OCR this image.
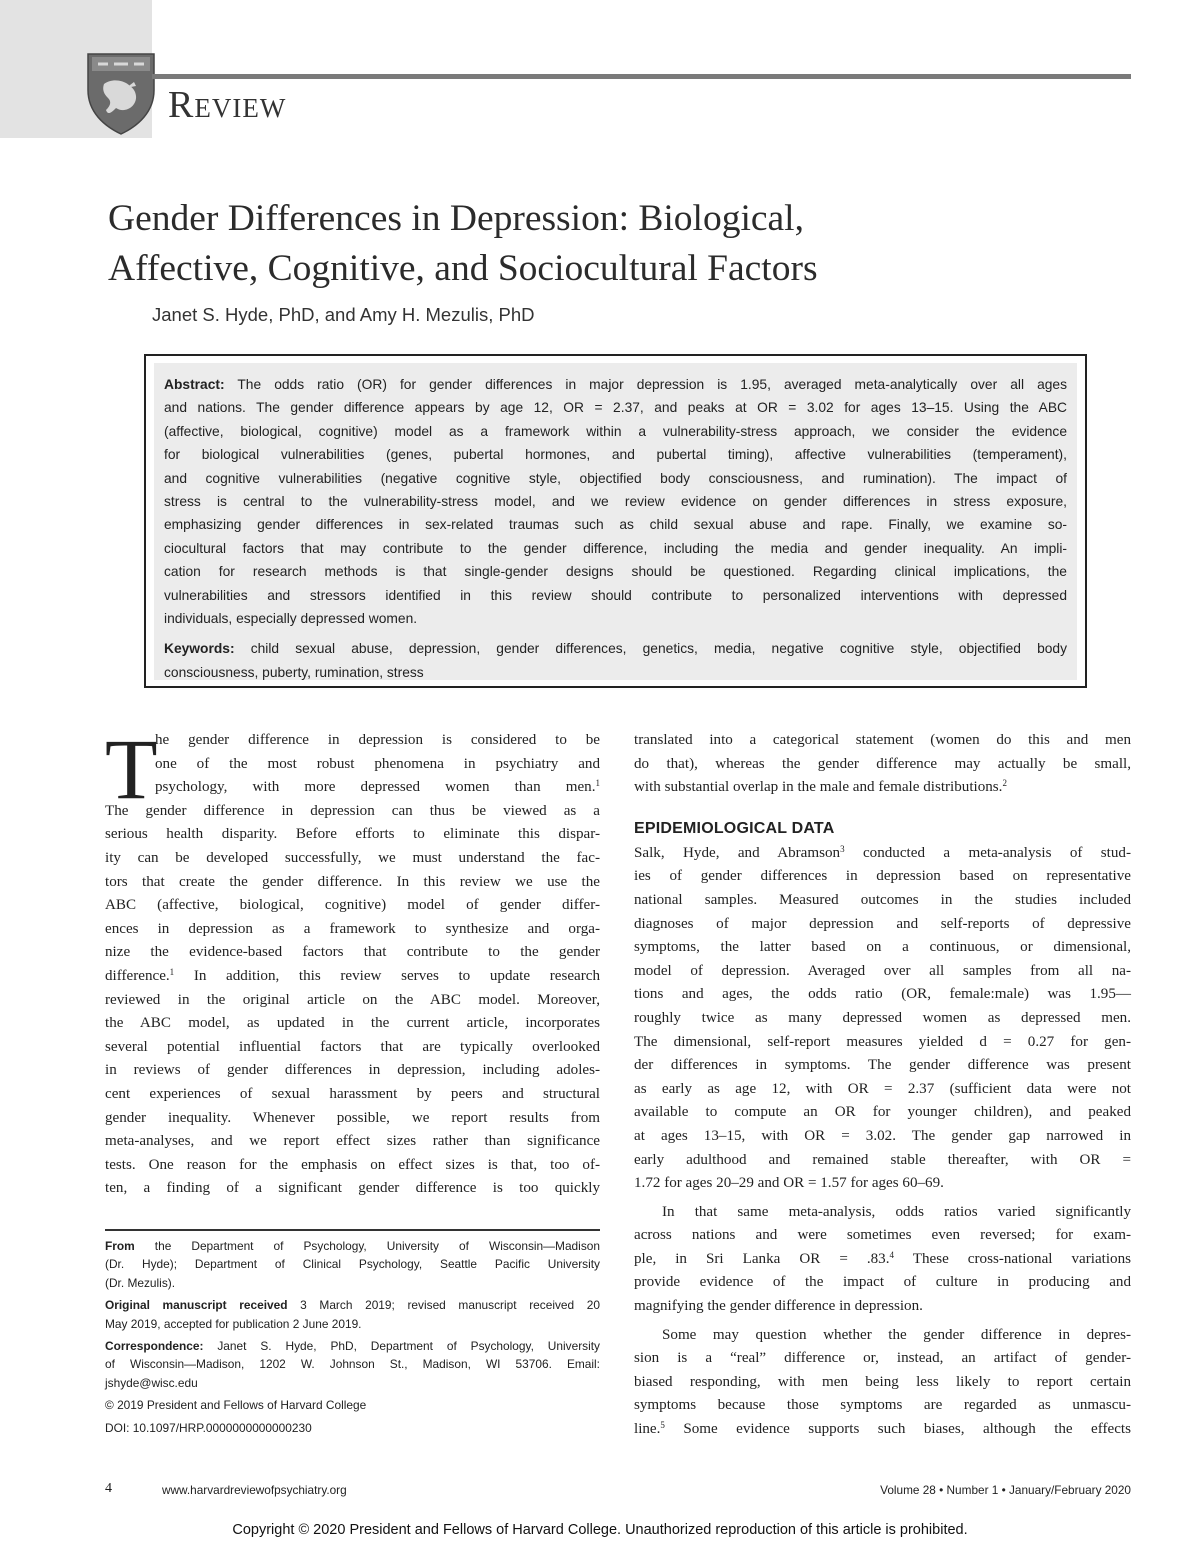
Review
Gender Differences in Depression: Biological,
Affective, Cognitive, and Sociocultural Factors
Janet S. Hyde, PhD, and Amy H. Mezulis, PhD
Abstract: The odds ratio (OR) for gender differences in major depression is 1.95, averaged meta-analytically over all ages
and nations. The gender difference appears by age 12, OR = 2.37, and peaks at OR = 3.02 for ages 13–15. Using the ABC
(affective, biological, cognitive) model as a framework within a vulnerability-stress approach, we consider the evidence
for biological vulnerabilities (genes, pubertal hormones, and pubertal timing), affective vulnerabilities (temperament),
and cognitive vulnerabilities (negative cognitive style, objectified body consciousness, and rumination). The impact of
stress is central to the vulnerability-stress model, and we review evidence on gender differences in stress exposure,
emphasizing gender differences in sex-related traumas such as child sexual abuse and rape. Finally, we examine so-
ciocultural factors that may contribute to the gender difference, including the media and gender inequality. An impli-
cation for research methods is that single-gender designs should be questioned. Regarding clinical implications, the
vulnerabilities and stressors identified in this review should contribute to personalized interventions with depressed
individuals, especially depressed women.
Keywords: child sexual abuse, depression, gender differences, genetics, media, negative cognitive style, objectified body
consciousness, puberty, rumination, stress
T
he gender difference in depression is considered to be
one of the most robust phenomena in psychiatry and
psychology, with more depressed women than men.$^1$
The gender difference in depression can thus be viewed as a
serious health disparity. Before efforts to eliminate this dispar-
ity can be developed successfully, we must understand the fac-
tors that create the gender difference. In this review we use the
ABC (affective, biological, cognitive) model of gender differ-
ences in depression as a framework to synthesize and orga-
nize the evidence-based factors that contribute to the gender
difference.$^1$ In addition, this review serves to update research
reviewed in the original article on the ABC model. Moreover,
the ABC model, as updated in the current article, incorporates
several potential influential factors that are typically overlooked
in reviews of gender differences in depression, including adoles-
cent experiences of sexual harassment by peers and structural
gender inequality. Whenever possible, we report results from
meta-analyses, and we report effect sizes rather than significance
tests. One reason for the emphasis on effect sizes is that, too of-
ten, a finding of a significant gender difference is too quickly
From the Department of Psychology, University of Wisconsin—Madison
(Dr. Hyde); Department of Clinical Psychology, Seattle Pacific University
(Dr. Mezulis).
Original manuscript received 3 March 2019; revised manuscript received 20
May 2019, accepted for publication 2 June 2019.
Correspondence: Janet S. Hyde, PhD, Department of Psychology, University
of Wisconsin—Madison, 1202 W. Johnson St., Madison, WI 53706. Email:
jshyde@wisc.edu
© 2019 President and Fellows of Harvard College
DOI: 10.1097/HRP.0000000000000230
translated into a categorical statement (women do this and men
do that), whereas the gender difference may actually be small,
with substantial overlap in the male and female distributions.$^2$
EPIDEMIOLOGICAL DATA
Salk, Hyde, and Abramson$^3$ conducted a meta-analysis of stud-
ies of gender differences in depression based on representative
national samples. Measured outcomes in the studies included
diagnoses of major depression and self-reports of depressive
symptoms, the latter based on a continuous, or dimensional,
model of depression. Averaged over all samples from all na-
tions and ages, the odds ratio (OR, female:male) was 1.95—
roughly twice as many depressed women as depressed men.
The dimensional, self-report measures yielded d = 0.27 for gen-
der differences in symptoms. The gender difference was present
as early as age 12, with OR = 2.37 (sufficient data were not
available to compute an OR for younger children), and peaked
at ages 13–15, with OR = 3.02. The gender gap narrowed in
early adulthood and remained stable thereafter, with OR =
1.72 for ages 20–29 and OR = 1.57 for ages 60–69.
In that same meta-analysis, odds ratios varied significantly
across nations and were sometimes even reversed; for exam-
ple, in Sri Lanka OR = .83.$^4$ These cross-national variations
provide evidence of the impact of culture in producing and
magnifying the gender difference in depression.
Some may question whether the gender difference in depres-
sion is a “real” difference or, instead, an artifact of gender-
biased responding, with men being less likely to report certain
symptoms because those symptoms are regarded as unmascu-
line.$^5$ Some evidence supports such biases, although the effects
4	www.harvardreviewofpsychiatry.org	Volume 28 • Number 1 • January/February 2020
Copyright © 2020 President and Fellows of Harvard College. Unauthorized reproduction of this article is prohibited.
